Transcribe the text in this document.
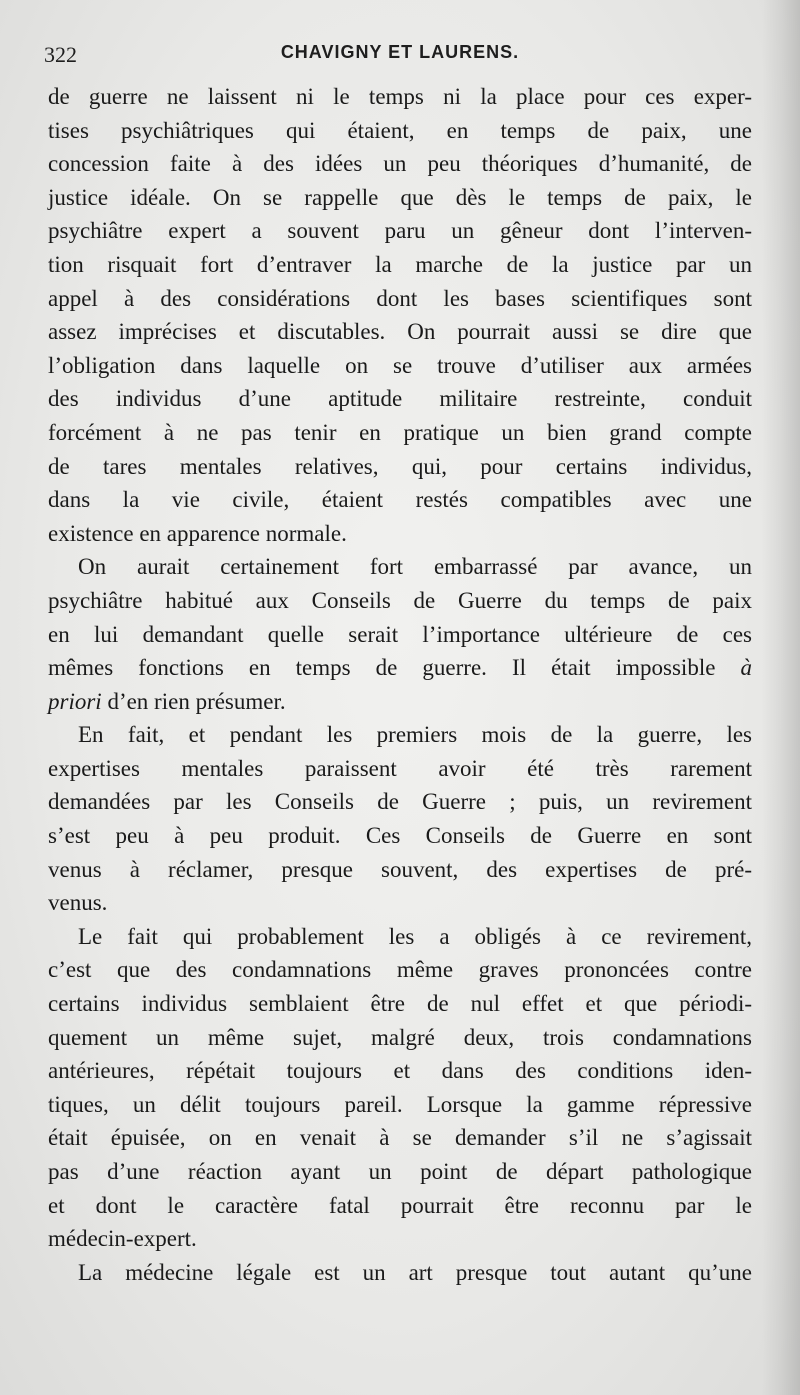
322	CHAVIGNY ET LAURENS.
de guerre ne laissent ni le temps ni la place pour ces exper-
tises psychiâtriques qui étaient, en temps de paix, une
concession faite à des idées un peu théoriques d’humanité, de
justice idéale. On se rappelle que dès le temps de paix, le
psychiâtre expert a souvent paru un gêneur dont l’interven-
tion risquait fort d’entraver la marche de la justice par un
appel à des considérations dont les bases scientifiques sont
assez imprécises et discutables. On pourrait aussi se dire que
l’obligation dans laquelle on se trouve d’utiliser aux armées
des individus d’une aptitude militaire restreinte, conduit
forcément à ne pas tenir en pratique un bien grand compte
de tares mentales relatives, qui, pour certains individus,
dans la vie civile, étaient restés compatibles avec une
existence en apparence normale.
On aurait certainement fort embarrassé par avance, un
psychiâtre habitué aux Conseils de Guerre du temps de paix
en lui demandant quelle serait l’importance ultérieure de ces
mêmes fonctions en temps de guerre. Il était impossible à
priori d’en rien présumer.
En fait, et pendant les premiers mois de la guerre, les
expertises mentales paraissent avoir été très rarement
demandées par les Conseils de Guerre ; puis, un revirement
s’est peu à peu produit. Ces Conseils de Guerre en sont
venus à réclamer, presque souvent, des expertises de pré-
venus.
Le fait qui probablement les a obligés à ce revirement,
c’est que des condamnations même graves prononcées contre
certains individus semblaient être de nul effet et que périodi-
quement un même sujet, malgré deux, trois condamnations
antérieures, répétait toujours et dans des conditions iden-
tiques, un délit toujours pareil. Lorsque la gamme répressive
était épuisée, on en venait à se demander s’il ne s’agissait
pas d’une réaction ayant un point de départ pathologique
et dont le caractère fatal pourrait être reconnu par le
médecin-expert.
La médecine légale est un art presque tout autant qu’une
